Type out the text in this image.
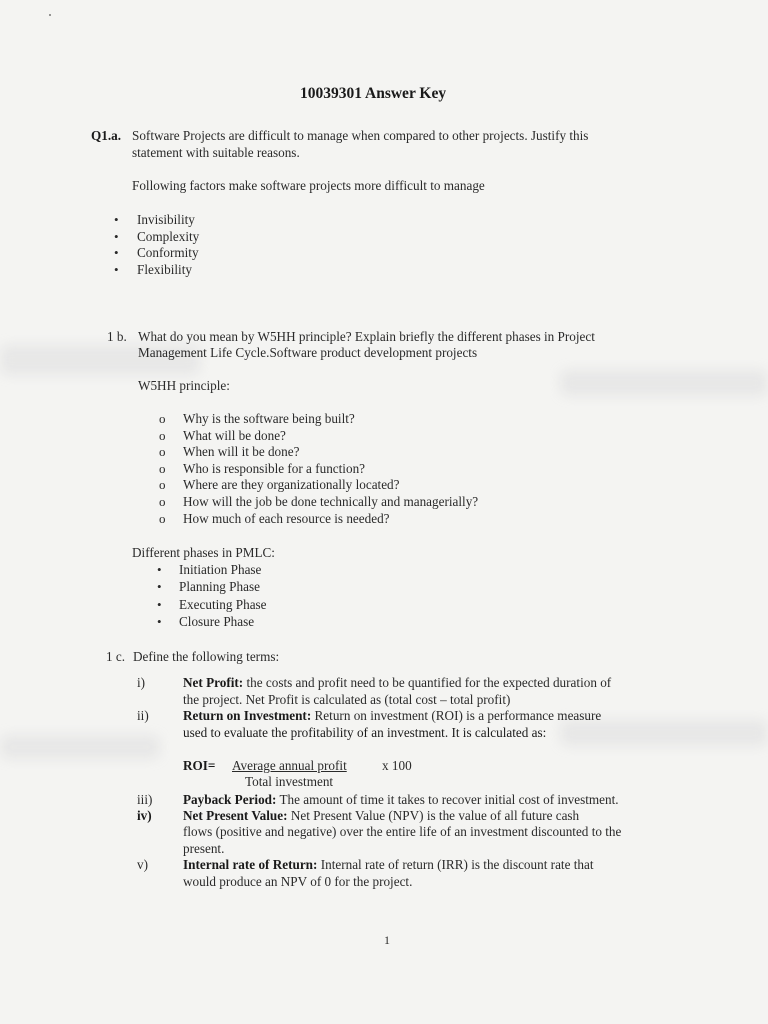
10039301 Answer Key
Q1.a. Software Projects are difficult to manage when compared to other projects. Justify this
statement with suitable reasons.
Following factors make software projects more difficult to manage
• Invisibility
• Complexity
• Conformity
• Flexibility
1 b. What do you mean by W5HH principle? Explain briefly the different phases in Project
Management Life Cycle.Software product development projects
W5HH principle:
o Why is the software being built?
o What will be done?
o When will it be done?
o Who is responsible for a function?
o Where are they organizationally located?
o How will the job be done technically and managerially?
o How much of each resource is needed?
Different phases in PMLC:
• Initiation Phase
• Planning Phase
• Executing Phase
• Closure Phase
1 c. Define the following terms:
i)	Net Profit: the costs and profit need to be quantified for the expected duration of
the project. Net Profit is calculated as (total cost – total profit)
ii)	Return on Investment: Return on investment (ROI) is a performance measure
used to evaluate the profitability of an investment. It is calculated as:
ROI= Average annual profit	x 100
Total investment
iii) Payback Period: The amount of time it takes to recover initial cost of investment.
iv) Net Present Value: Net Present Value (NPV) is the value of all future cash
flows (positive and negative) over the entire life of an investment discounted to the
present.
v)	Internal rate of Return: Internal rate of return (IRR) is the discount rate that
would produce an NPV of 0 for the project.
1
